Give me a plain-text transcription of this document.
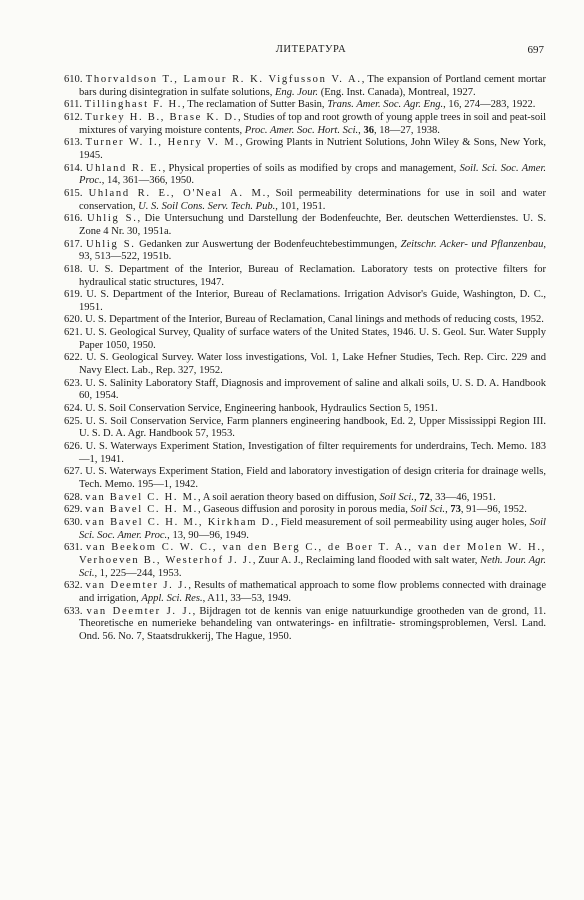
ЛИТЕРАТУРА	697

610. Thorvaldson T., Lamour R. K. Vigfusson V. A., The expansion of Portland cement mortar bars during disintegration in sulfate solutions, Eng. Jour. (Eng. Inst. Canada), Montreal, 1927.

611. Tillinghast F. H., The reclamation of Sutter Basin, Trans. Amer. Soc. Agr. Eng., 16, 274—283, 1922.

612. Turkey H. B., Brase K. D., Studies of top and root growth of young apple trees in soil and peat-soil mixtures of varying moisture contents, Proc. Amer. Soc. Hort. Sci., 36, 18—27, 1938.

613. Turner W. I., Henry V. M., Growing Plants in Nutrient Solutions, John Wiley & Sons, New York, 1945.

614. Uhland R. E., Physical properties of soils as modified by crops and management, Soil. Sci. Soc. Amer. Proc., 14, 361—366, 1950.

615. Uhland R. E., O'Neal A. M., Soil permeability determinations for use in soil and water conservation, U. S. Soil Cons. Serv. Tech. Pub., 101, 1951.

616. Uhlig S., Die Untersuchung und Darstellung der Bodenfeuchte, Ber. deutschen Wetterdienstes. U. S. Zone 4 Nr. 30, 1951a.

617. Uhlig S. Gedanken zur Auswertung der Bodenfeuchtebestimmungen, Zeitschr. Acker- und Pflanzenbau, 93, 513—522, 1951b.

618. U. S. Department of the Interior, Bureau of Reclamation. Laboratory tests on protective filters for hydraulical static structures, 1947.

619. U. S. Department of the Interior, Bureau of Reclamations. Irrigation Advisor's Guide, Washington, D. C., 1951.

620. U. S. Department of the Interior, Bureau of Reclamation, Canal linings and methods of reducing costs, 1952.

621. U. S. Geological Survey, Quality of surface waters of the United States, 1946. U. S. Geol. Sur. Water Supply Paper 1050, 1950.

622. U. S. Geological Survey. Water loss investigations, Vol. 1, Lake Hefner Studies, Tech. Rep. Circ. 229 and Navy Elect. Lab., Rep. 327, 1952.

623. U. S. Salinity Laboratory Staff, Diagnosis and improvement of saline and alkali soils, U. S. D. A. Handbook 60, 1954.

624. U. S. Soil Conservation Service, Engineering hanbook, Hydraulics Section 5, 1951.

625. U. S. Soil Conservation Service, Farm planners engineering handbook, Ed. 2, Upper Mississippi Region III. U. S. D. A. Agr. Handbook 57, 1953.

626. U. S. Waterways Experiment Station, Investigation of filter requirements for underdrains, Tech. Memo. 183—1, 1941.

627. U. S. Waterways Experiment Station, Field and laboratory investigation of design criteria for drainage wells, Tech. Memo. 195—1, 1942.

628. van Bavel C. H. M., A soil aeration theory based on diffusion, Soil Sci., 72, 33—46, 1951.

629. van Bavel C. H. M., Gaseous diffusion and porosity in porous media, Soil Sci., 73, 91—96, 1952.

630. van Bavel C. H. M., Kirkham D., Field measurement of soil permeability using auger holes, Soil Sci. Soc. Amer. Proc., 13, 90—96, 1949.

631. van Beekom C. W. C., van den Berg C., de Boer T. A., van der Molen W. H., Verhoeven B., Westerhof J. J., Zuur A. J., Reclaiming land flooded with salt water, Neth. Jour. Agr. Sci., 1, 225—244, 1953.

632. van Deemter J. J., Results of mathematical approach to some flow problems connected with drainage and irrigation, Appl. Sci. Res., A11, 33—53, 1949.

633. van Deemter J. J., Bijdragen tot de kennis van enige natuurkundige grootheden van de grond, 11. Theoretische en numerieke behandeling van ontwaterings- en infiltratie- stromingsproblemen, Versl. Land. Ond. 56. No. 7, Staatsdrukkerij, The Hague, 1950.
